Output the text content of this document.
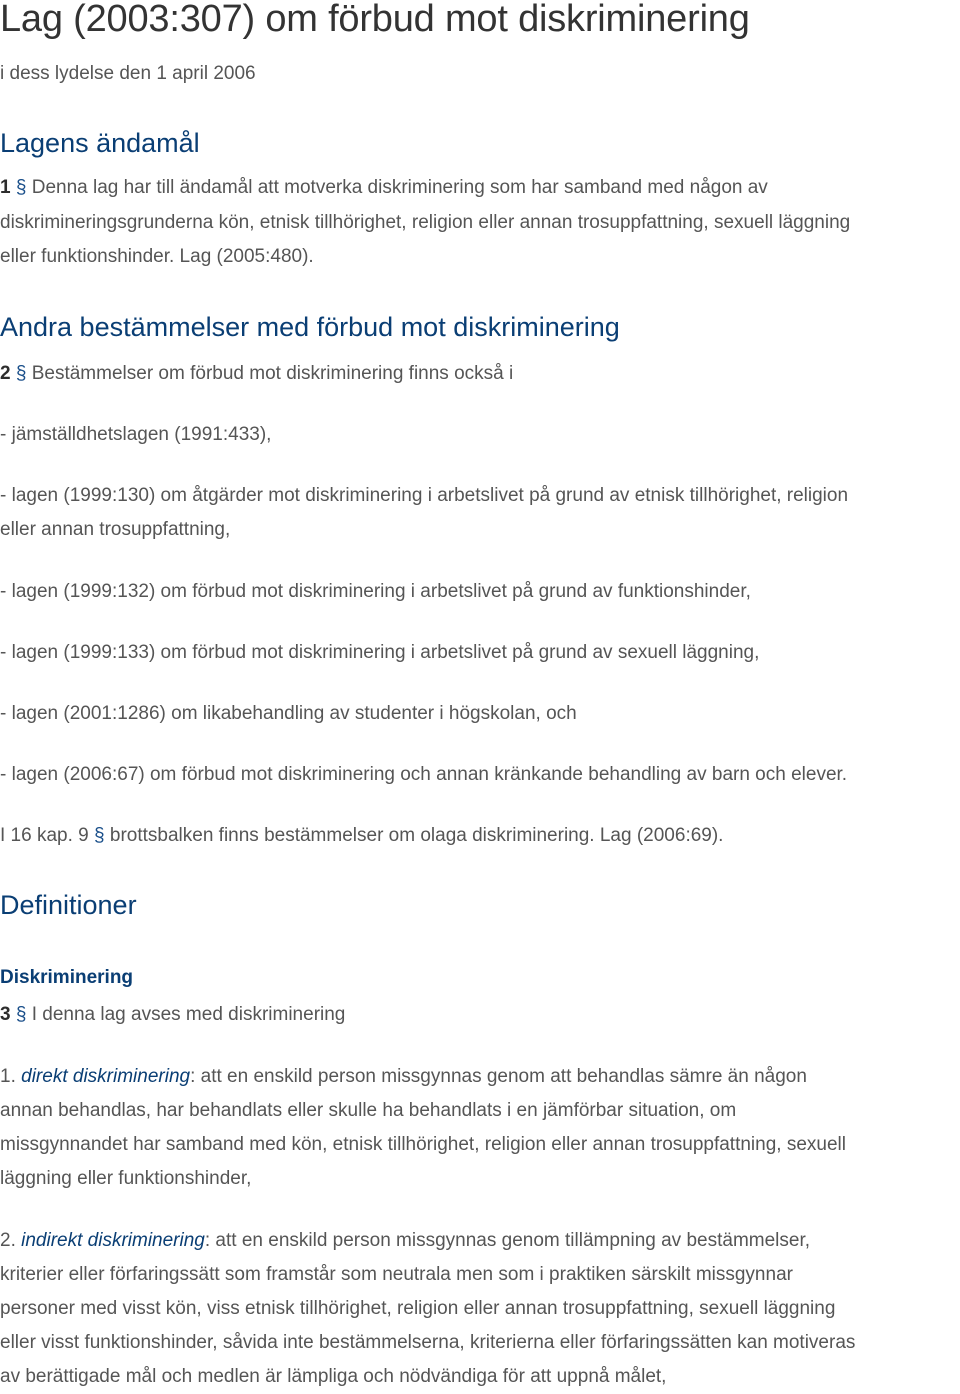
Lag (2003:307) om förbud mot diskriminering
i dess lydelse den 1 april 2006
Lagens ändamål
1 § Denna lag har till ändamål att motverka diskriminering som har samband med någon av
diskrimineringsgrunderna kön, etnisk tillhörighet, religion eller annan trosuppfattning, sexuell läggning
eller funktionshinder. Lag (2005:480).
Andra bestämmelser med förbud mot diskriminering
2 § Bestämmelser om förbud mot diskriminering finns också i
- jämställdhetslagen (1991:433),
- lagen (1999:130) om åtgärder mot diskriminering i arbetslivet på grund av etnisk tillhörighet, religion
eller annan trosuppfattning,
- lagen (1999:132) om förbud mot diskriminering i arbetslivet på grund av funktionshinder,
- lagen (1999:133) om förbud mot diskriminering i arbetslivet på grund av sexuell läggning,
- lagen (2001:1286) om likabehandling av studenter i högskolan, och
- lagen (2006:67) om förbud mot diskriminering och annan kränkande behandling av barn och elever.
I 16 kap. 9 § brottsbalken finns bestämmelser om olaga diskriminering. Lag (2006:69).
Definitioner
Diskriminering
3 § I denna lag avses med diskriminering
1. direkt diskriminering: att en enskild person missgynnas genom att behandlas sämre än någon
annan behandlas, har behandlats eller skulle ha behandlats i en jämförbar situation, om
missgynnandet har samband med kön, etnisk tillhörighet, religion eller annan trosuppfattning, sexuell
läggning eller funktionshinder,
2. indirekt diskriminering: att en enskild person missgynnas genom tillämpning av bestämmelser,
kriterier eller förfaringssätt som framstår som neutrala men som i praktiken särskilt missgynnar
personer med visst kön, viss etnisk tillhörighet, religion eller annan trosuppfattning, sexuell läggning
eller visst funktionshinder, såvida inte bestämmelserna, kriterierna eller förfaringssätten kan motiveras
av berättigade mål och medlen är lämpliga och nödvändiga för att uppnå målet,
